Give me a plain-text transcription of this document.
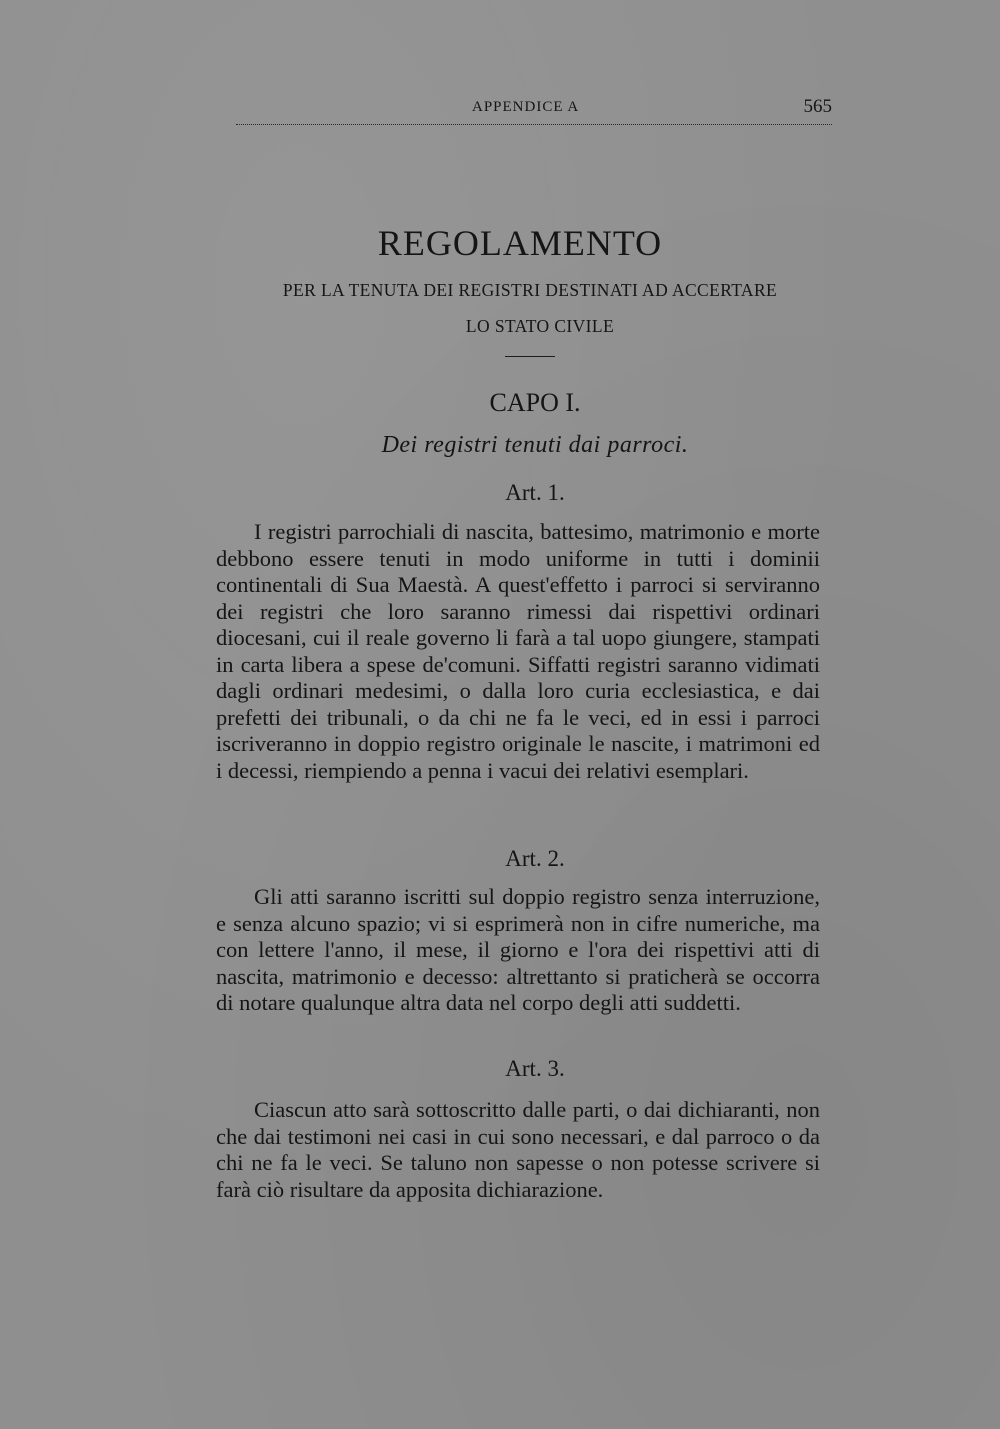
APPENDICE A	565
REGOLAMENTO
PER LA TENUTA DEI REGISTRI DESTINATI AD ACCERTARE
LO STATO CIVILE
CAPO I.
Dei registri tenuti dai parroci.
Art. 1.

I registri parrochiali di nascita, battesimo, matrimonio e morte debbono essere tenuti in modo uniforme in tutti i dominii continentali di Sua Maestà. A quest'effetto i parroci si serviranno dei registri che loro saranno rimessi dai rispettivi ordinari diocesani, cui il reale governo li farà a tal uopo giungere, stampati in carta libera a spese de'comuni. Siffatti registri saranno vidimati dagli ordinari medesimi, o dalla loro curia ecclesiastica, e dai prefetti dei tribunali, o da chi ne fa le veci, ed in essi i parroci iscriveranno in doppio registro originale le nascite, i matrimoni ed i decessi, riempiendo a penna i vacui dei relativi esemplari.

Art. 2.

Gli atti saranno iscritti sul doppio registro senza interruzione, e senza alcuno spazio; vi si esprimerà non in cifre numeriche, ma con lettere l'anno, il mese, il giorno e l'ora dei rispettivi atti di nascita, matrimonio e decesso: altrettanto si praticherà se occorra di notare qualunque altra data nel corpo degli atti suddetti.

Art. 3.

Ciascun atto sarà sottoscritto dalle parti, o dai dichiaranti, non che dai testimoni nei casi in cui sono necessari, e dal parroco o da chi ne fa le veci. Se taluno non sapesse o non potesse scrivere si farà ciò risultare da apposita dichiarazione.
